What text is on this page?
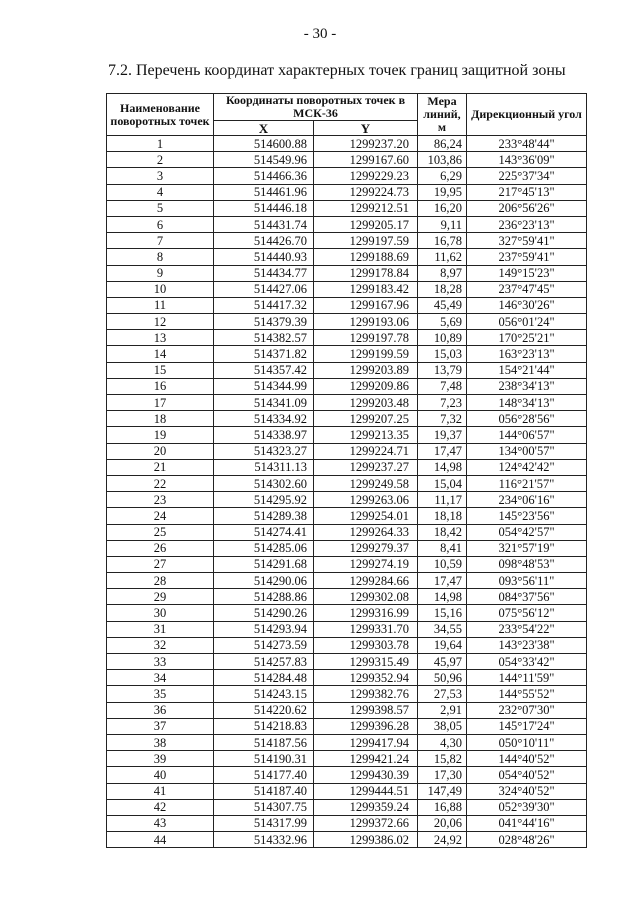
- 30 -
7.2. Перечень координат характерных точек границ защитной зоны
Наименование поворотных точек	Координаты поворотных точек в МСК-36		Мера линий, м	Дирекционный угол
	X	Y		
1	514600.88	1299237.20	86,24	233°48'44"
2	514549.96	1299167.60	103,86	143°36'09"
3	514466.36	1299229.23	6,29	225°37'34"
4	514461.96	1299224.73	19,95	217°45'13"
5	514446.18	1299212.51	16,20	206°56'26"
6	514431.74	1299205.17	9,11	236°23'13"
7	514426.70	1299197.59	16,78	327°59'41"
8	514440.93	1299188.69	11,62	237°59'41"
9	514434.77	1299178.84	8,97	149°15'23"
10	514427.06	1299183.42	18,28	237°47'45"
11	514417.32	1299167.96	45,49	146°30'26"
12	514379.39	1299193.06	5,69	056°01'24"
13	514382.57	1299197.78	10,89	170°25'21"
14	514371.82	1299199.59	15,03	163°23'13"
15	514357.42	1299203.89	13,79	154°21'44"
16	514344.99	1299209.86	7,48	238°34'13"
17	514341.09	1299203.48	7,23	148°34'13"
18	514334.92	1299207.25	7,32	056°28'56"
19	514338.97	1299213.35	19,37	144°06'57"
20	514323.27	1299224.71	17,47	134°00'57"
21	514311.13	1299237.27	14,98	124°42'42"
22	514302.60	1299249.58	15,04	116°21'57"
23	514295.92	1299263.06	11,17	234°06'16"
24	514289.38	1299254.01	18,18	145°23'56"
25	514274.41	1299264.33	18,42	054°42'57"
26	514285.06	1299279.37	8,41	321°57'19"
27	514291.68	1299274.19	10,59	098°48'53"
28	514290.06	1299284.66	17,47	093°56'11"
29	514288.86	1299302.08	14,98	084°37'56"
30	514290.26	1299316.99	15,16	075°56'12"
31	514293.94	1299331.70	34,55	233°54'22"
32	514273.59	1299303.78	19,64	143°23'38"
33	514257.83	1299315.49	45,97	054°33'42"
34	514284.48	1299352.94	50,96	144°11'59"
35	514243.15	1299382.76	27,53	144°55'52"
36	514220.62	1299398.57	2,91	232°07'30"
37	514218.83	1299396.28	38,05	145°17'24"
38	514187.56	1299417.94	4,30	050°10'11"
39	514190.31	1299421.24	15,82	144°40'52"
40	514177.40	1299430.39	17,30	054°40'52"
41	514187.40	1299444.51	147,49	324°40'52"
42	514307.75	1299359.24	16,88	052°39'30"
43	514317.99	1299372.66	20,06	041°44'16"
44	514332.96	1299386.02	24,92	028°48'26"
